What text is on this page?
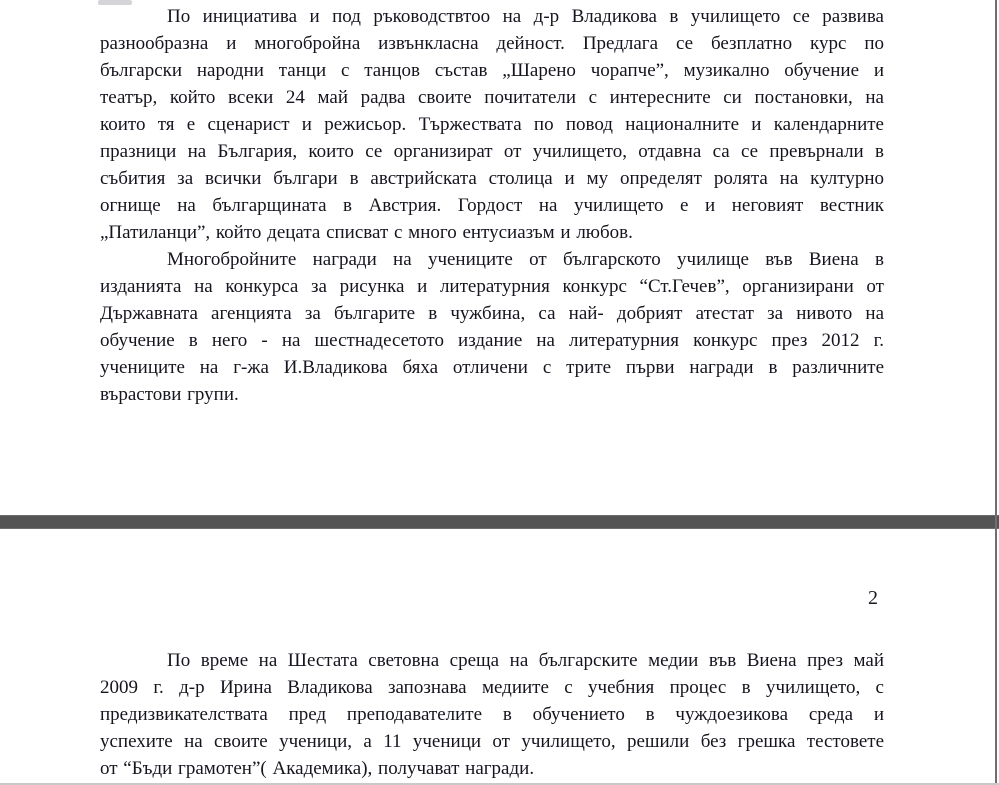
По инициатива и под ръководствтоо на д-р Владикова в училището се развива
разнообразна и многобройна извънкласна дейност. Предлага се безплатно курс по
български народни танци с танцов състав „Шарено чорапче”, музикално обучение и
театър, който всеки 24 май радва своите почитатели с интересните си постановки, на
които тя е сценарист и режисьор. Тържествата по повод националните и календарните
празници на България, които се организират от училището, отдавна са се превърнали в
събития за всички българи в австрийската столица и му определят ролята на културно
огнище на българщината в Австрия. Гордост на училището е и неговият вестник
„Патиланци”, който децата списват с много ентусиазъм и любов.
Многобройните награди на учениците от българското училище във Виена в
изданията на конкурса за рисунка и литературния конкурс “Ст.Гечев”, организирани от
Държавната агенцията за българите в чужбина, са най- добрият атестат за нивото на
обучение в него - на шестнадесетото издание на литературния конкурс през 2012 г.
учениците на г-жа И.Владикова бяха отличени с трите първи награди в различните
върастови групи.
2
По време на Шестата световна среща на българските медии във Виена през май
2009 г. д-р Ирина Владикова запознава медиите с учебния процес в училището, с
предизвикателствата пред преподавателите в обучението в чуждоезикова среда и
успехите на своите ученици, а 11 ученици от училището, решили без грешка тестовете
от “Бъди грамотен”( Академика), получават награди.
